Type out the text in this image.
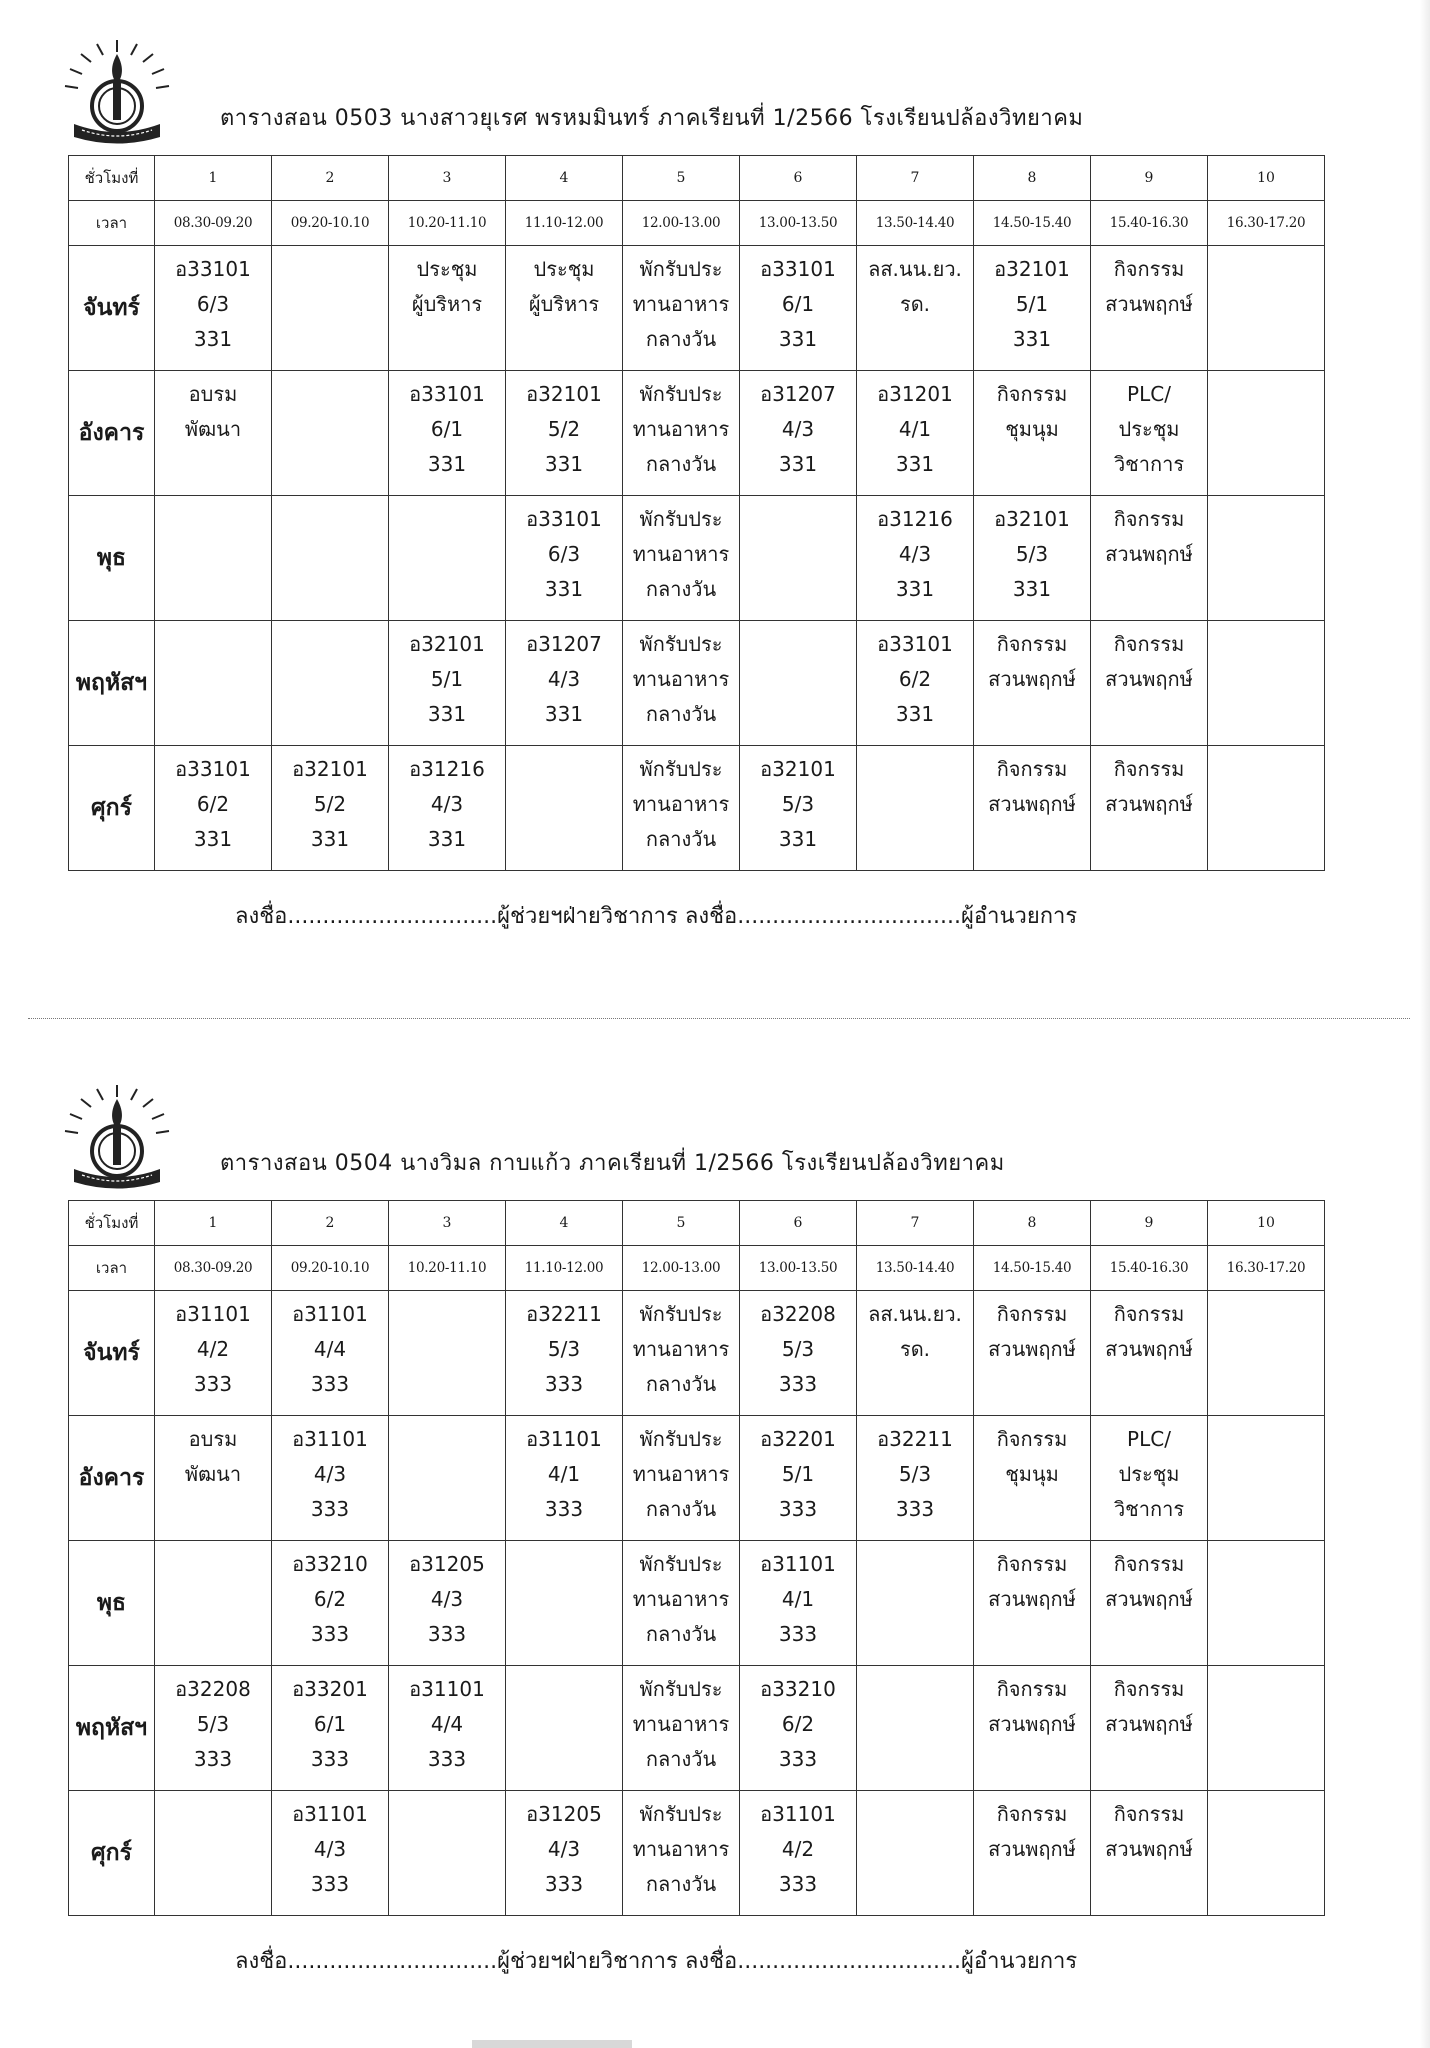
ตารางสอน 0503 นางสาวยุเรศ พรหมมินทร์ ภาคเรียนที่ 1/2566 โรงเรียนปล้องวิทยาคม
ชั่วโมงที่	1	2	3	4	5	6	7	8	9	10
เวลา	08.30-09.20	09.20-10.10	10.20-11.10	11.10-12.00	12.00-13.00	13.00-13.50	13.50-14.40	14.50-15.40	15.40-16.30	16.30-17.20
จันทร์	อ33101
6/3
331		ประชุม
ผู้บริหาร	ประชุม
ผู้บริหาร	พักรับประ
ทานอาหาร
กลางวัน	อ33101
6/1
331	ลส.นน.ยว.
รด.	อ32101
5/1
331	กิจกรรม
สวนพฤกษ์	
อังคาร	อบรม
พัฒนา		อ33101
6/1
331	อ32101
5/2
331	พักรับประ
ทานอาหาร
กลางวัน	อ31207
4/3
331	อ31201
4/1
331	กิจกรรม
ชุมนุม	PLC/
ประชุม
วิชาการ	
พุธ				อ33101
6/3
331	พักรับประ
ทานอาหาร
กลางวัน		อ31216
4/3
331	อ32101
5/3
331	กิจกรรม
สวนพฤกษ์	
พฤหัสฯ			อ32101
5/1
331	อ31207
4/3
331	พักรับประ
ทานอาหาร
กลางวัน		อ33101
6/2
331	กิจกรรม
สวนพฤกษ์	กิจกรรม
สวนพฤกษ์	
ศุกร์	อ33101
6/2
331	อ32101
5/2
331	อ31216
4/3
331		พักรับประ
ทานอาหาร
กลางวัน	อ32101
5/3
331		กิจกรรม
สวนพฤกษ์	กิจกรรม
สวนพฤกษ์	
ลงชื่อ..............................ผู้ช่วยฯฝ่ายวิชาการ ลงชื่อ................................ผู้อำนวยการ
ตารางสอน 0504 นางวิมล กาบแก้ว ภาคเรียนที่ 1/2566 โรงเรียนปล้องวิทยาคม
ชั่วโมงที่	1	2	3	4	5	6	7	8	9	10
เวลา	08.30-09.20	09.20-10.10	10.20-11.10	11.10-12.00	12.00-13.00	13.00-13.50	13.50-14.40	14.50-15.40	15.40-16.30	16.30-17.20
จันทร์	อ31101
4/2
333	อ31101
4/4
333		อ32211
5/3
333	พักรับประ
ทานอาหาร
กลางวัน	อ32208
5/3
333	ลส.นน.ยว.
รด.	กิจกรรม
สวนพฤกษ์	กิจกรรม
สวนพฤกษ์	
อังคาร	อบรม
พัฒนา	อ31101
4/3
333		อ31101
4/1
333	พักรับประ
ทานอาหาร
กลางวัน	อ32201
5/1
333	อ32211
5/3
333	กิจกรรม
ชุมนุม	PLC/
ประชุม
วิชาการ	
พุธ		อ33210
6/2
333	อ31205
4/3
333		พักรับประ
ทานอาหาร
กลางวัน	อ31101
4/1
333		กิจกรรม
สวนพฤกษ์	กิจกรรม
สวนพฤกษ์	
พฤหัสฯ	อ32208
5/3
333	อ33201
6/1
333	อ31101
4/4
333		พักรับประ
ทานอาหาร
กลางวัน	อ33210
6/2
333		กิจกรรม
สวนพฤกษ์	กิจกรรม
สวนพฤกษ์	
ศุกร์		อ31101
4/3
333		อ31205
4/3
333	พักรับประ
ทานอาหาร
กลางวัน	อ31101
4/2
333		กิจกรรม
สวนพฤกษ์	กิจกรรม
สวนพฤกษ์	
ลงชื่อ..............................ผู้ช่วยฯฝ่ายวิชาการ ลงชื่อ................................ผู้อำนวยการ
